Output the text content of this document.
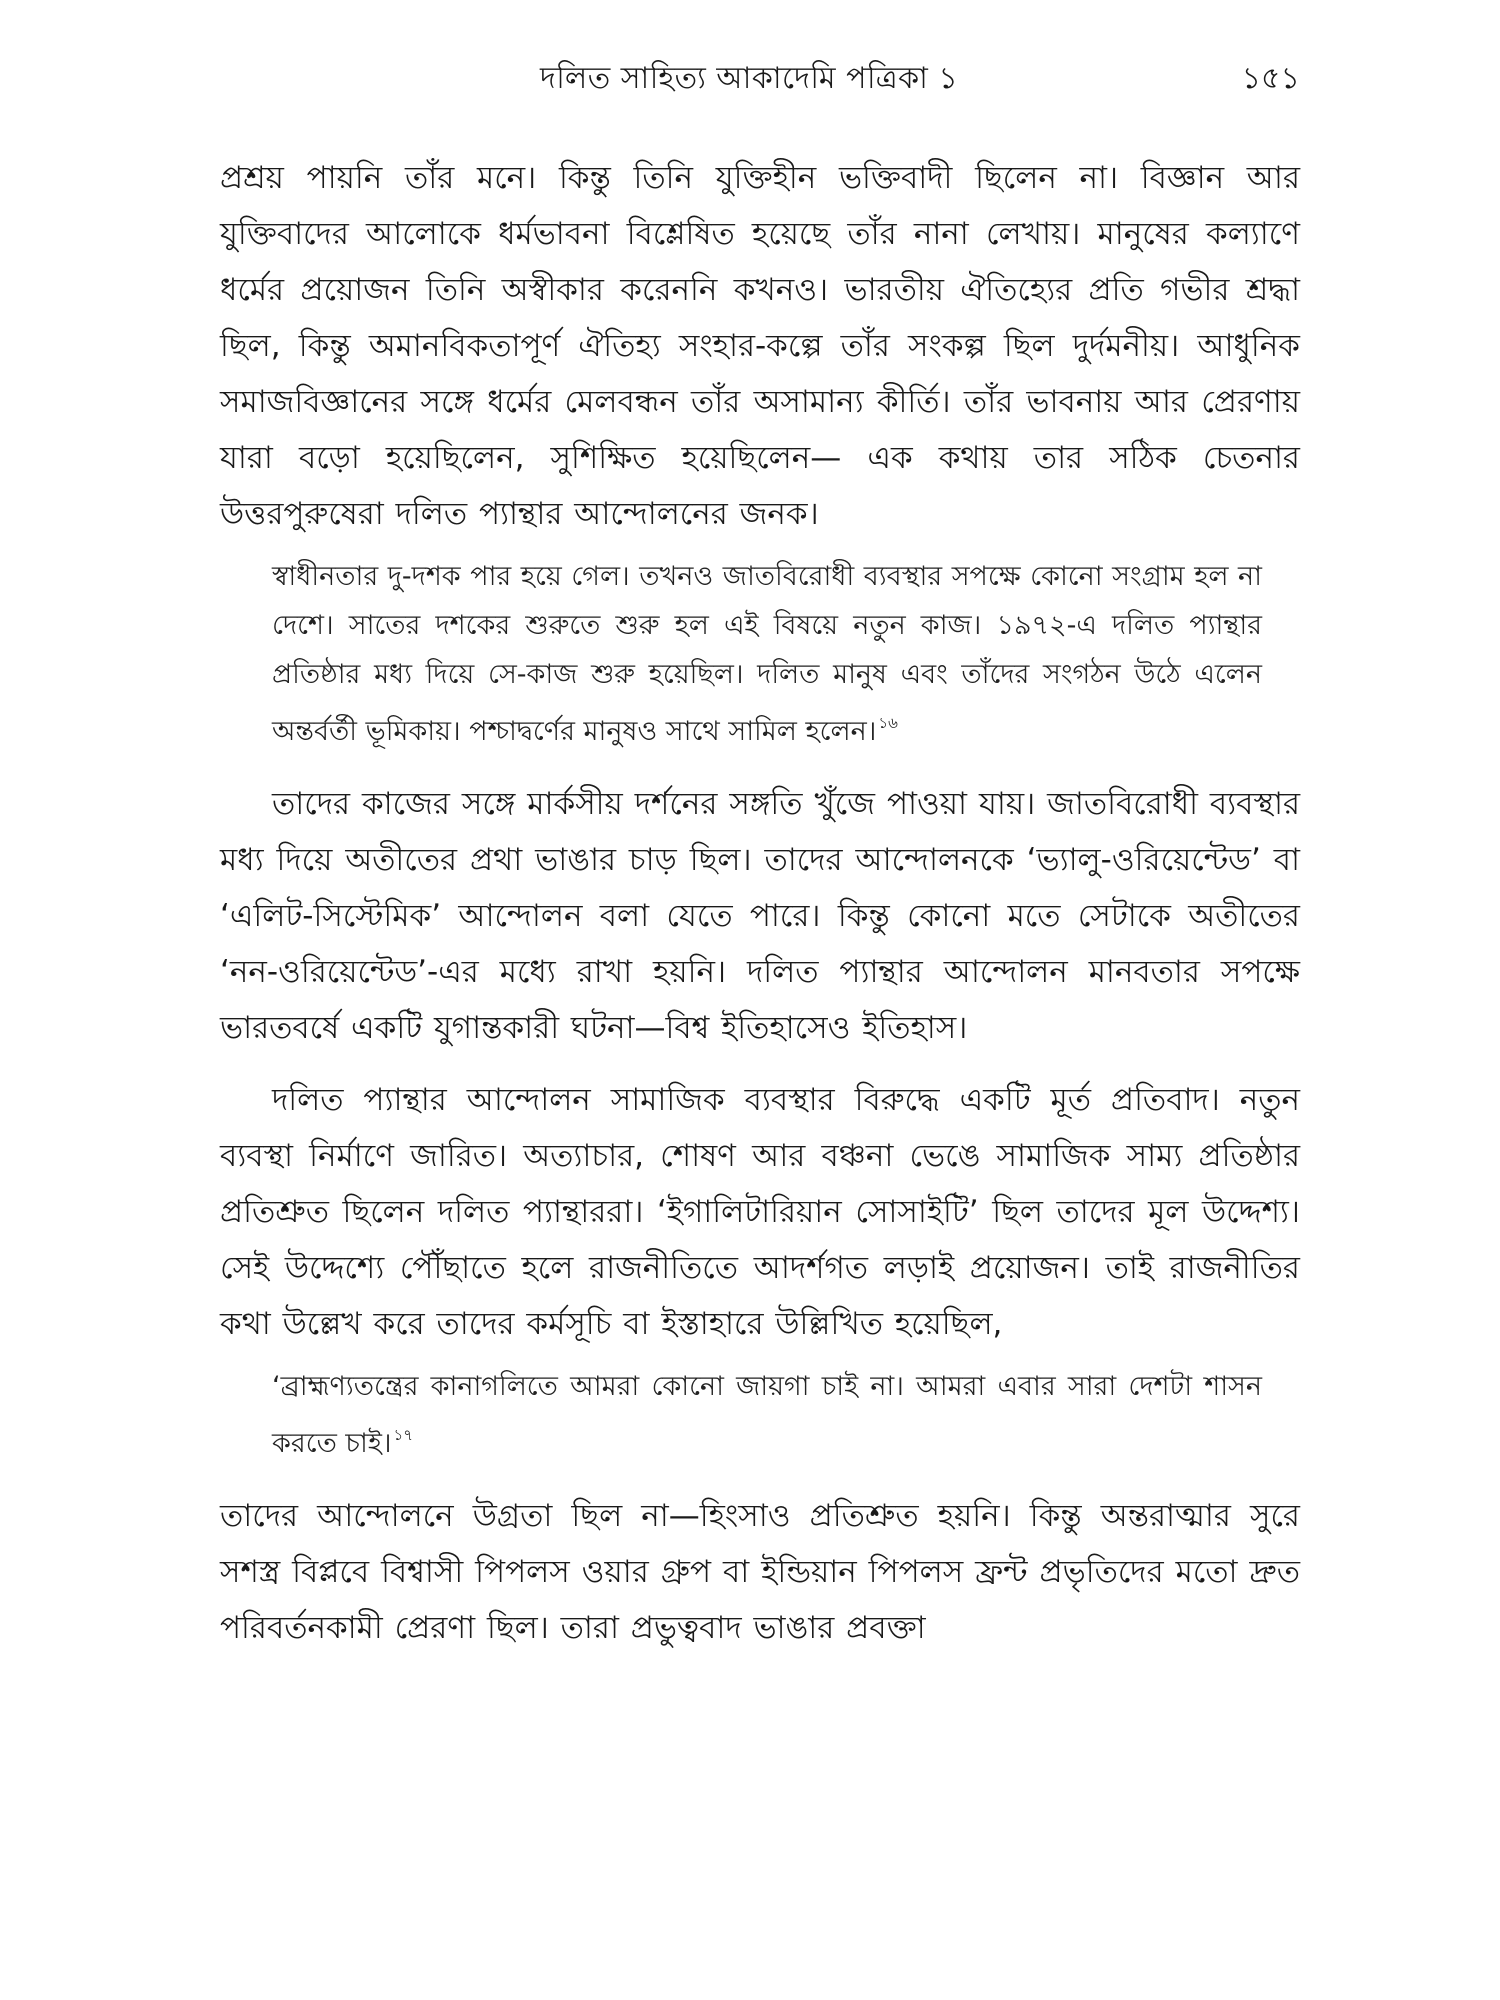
দলিত সাহিত্য আকাদেমি পত্রিকা ১	১৫১

প্রশ্রয় পায়নি তাঁর মনে। কিন্তু তিনি যুক্তিহীন ভক্তিবাদী ছিলেন না। বিজ্ঞান আর যুক্তিবাদের আলোকে ধর্মভাবনা বিশ্লেষিত হয়েছে তাঁর নানা লেখায়। মানুষের কল্যাণে ধর্মের প্রয়োজন তিনি অস্বীকার করেননি কখনও। ভারতীয় ঐতিহ্যের প্রতি গভীর শ্রদ্ধা ছিল, কিন্তু অমানবিকতাপূর্ণ ঐতিহ্য সংহার-কল্পে তাঁর সংকল্প ছিল দুর্দমনীয়। আধুনিক সমাজবিজ্ঞানের সঙ্গে ধর্মের মেলবন্ধন তাঁর অসামান্য কীর্তি। তাঁর ভাবনায় আর প্রেরণায় যারা বড়ো হয়েছিলেন, সুশিক্ষিত হয়েছিলেন— এক কথায় তার সঠিক চেতনার উত্তরপুরুষেরা দলিত প্যান্থার আন্দোলনের জনক।

স্বাধীনতার দু-দশক পার হয়ে গেল। তখনও জাতবিরোধী ব্যবস্থার সপক্ষে কোনো সংগ্রাম হল না দেশে। সাতের দশকের শুরুতে শুরু হল এই বিষয়ে নতুন কাজ। ১৯৭২-এ দলিত প্যান্থার প্রতিষ্ঠার মধ্য দিয়ে সে-কাজ শুরু হয়েছিল। দলিত মানুষ এবং তাঁদের সংগঠন উঠে এলেন অন্তর্বর্তী ভূমিকায়। পশ্চাদ্বর্ণের মানুষও সাথে সামিল হলেন। $^{১৬}$

তাদের কাজের সঙ্গে মার্কসীয় দর্শনের সঙ্গতি খুঁজে পাওয়া যায়। জাতবিরোধী ব্যবস্থার মধ্য দিয়ে অতীতের প্রথা ভাঙার চাড় ছিল। তাদের আন্দোলনকে ‘ভ্যালু-ওরিয়েন্টেড’ বা ‘এলিট-সিস্টেমিক’ আন্দোলন বলা যেতে পারে। কিন্তু কোনো মতে সেটাকে অতীতের ‘নন-ওরিয়েন্টেড’-এর মধ্যে রাখা হয়নি। দলিত প্যান্থার আন্দোলন মানবতার সপক্ষে ভারতবর্ষে একটি যুগান্তকারী ঘটনা—বিশ্ব ইতিহাসেও ইতিহাস।

দলিত প্যান্থার আন্দোলন সামাজিক ব্যবস্থার বিরুদ্ধে একটি মূর্ত প্রতিবাদ। নতুন ব্যবস্থা নির্মাণে জারিত। অত্যাচার, শোষণ আর বঞ্চনা ভেঙে সামাজিক সাম্য প্রতিষ্ঠার প্রতিশ্রুত ছিলেন দলিত প্যান্থাররা। ‘ইগালিটারিয়ান সোসাইটি’ ছিল তাদের মূল উদ্দেশ্য। সেই উদ্দেশ্যে পৌঁছাতে হলে রাজনীতিতে আদর্শগত লড়াই প্রয়োজন। তাই রাজনীতির কথা উল্লেখ করে তাদের কর্মসূচি বা ইস্তাহারে উল্লিখিত হয়েছিল,

‘ব্রাহ্মণ্যতন্ত্রের কানাগলিতে আমরা কোনো জায়গা চাই না। আমরা এবার সারা দেশটা শাসন করতে চাই। $^{১৭}$

তাদের আন্দোলনে উগ্রতা ছিল না—হিংসাও প্রতিশ্রুত হয়নি। কিন্তু অন্তরাত্মার সুরে সশস্ত্র বিপ্লবে বিশ্বাসী পিপলস ওয়ার গ্রুপ বা ইন্ডিয়ান পিপলস ফ্রন্ট প্রভৃতিদের মতো দ্রুত পরিবর্তনকামী প্রেরণা ছিল। তারা প্রভুত্ববাদ ভাঙার প্রবক্তা
